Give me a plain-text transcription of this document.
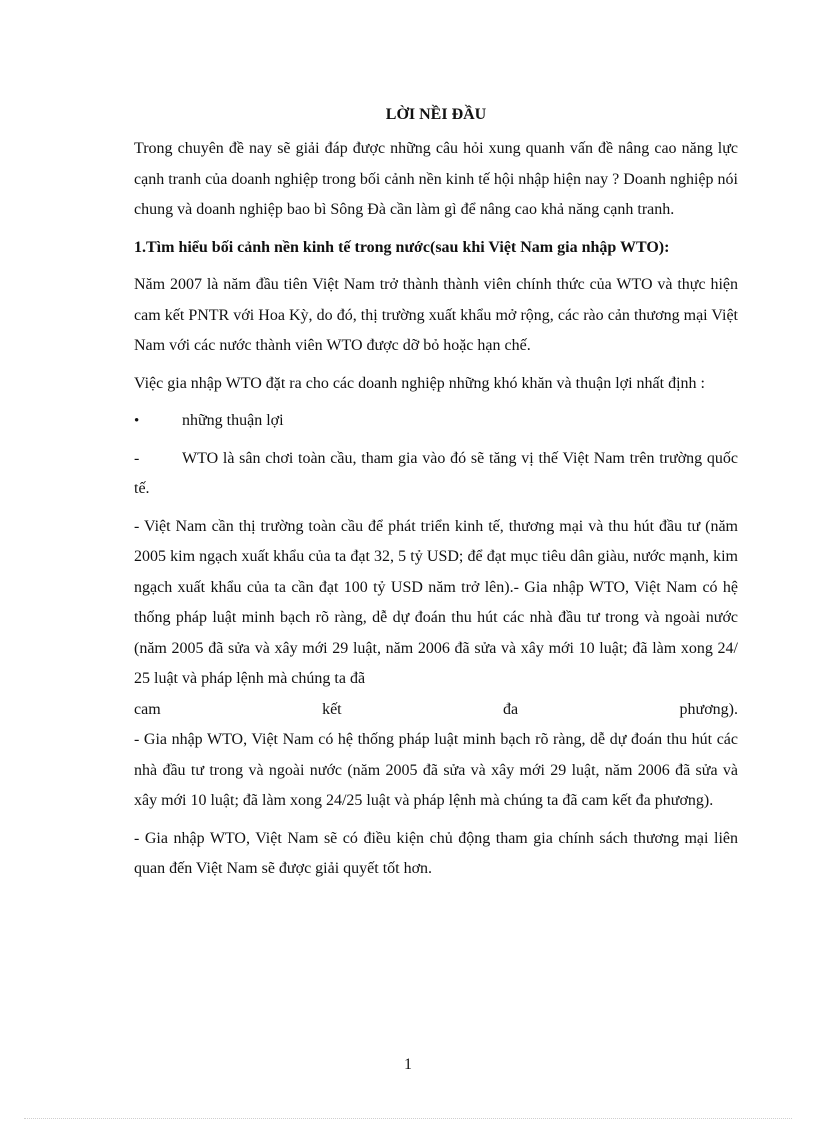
LỜI NỀI ĐẦU
Trong chuyên đề nay sẽ giải đáp được những câu hỏi xung quanh vấn đề nâng cao năng lực cạnh tranh của doanh nghiệp trong bối cảnh nền kinh tế hội nhập hiện nay ? Doanh nghiệp nói chung và doanh nghiệp bao bì Sông Đà cần làm gì để nâng cao khả năng cạnh tranh.
1.Tìm hiểu bối cảnh nền kinh tế trong nước(sau khi Việt Nam gia nhập WTO):
Năm 2007 là năm đầu tiên Việt Nam trở thành thành viên chính thức của WTO và thực hiện cam kết PNTR với Hoa Kỳ, do đó, thị trường xuất khẩu mở rộng, các rào cản thương mại Việt Nam với các nước thành viên WTO được dỡ bỏ hoặc hạn chế.
Việc gia nhập WTO đặt ra cho các doanh nghiệp những khó khăn và thuận lợi nhất định :
•	những thuận lợi
-	WTO là sân chơi toàn cầu, tham gia vào đó sẽ tăng vị thế Việt Nam trên trường quốc tế.
- Việt Nam cần thị trường toàn cầu để phát triển kinh tế, thương mại và thu hút đầu tư (năm 2005 kim ngạch xuất khẩu của ta đạt 32, 5 tỷ USD; để đạt mục tiêu dân giàu, nước mạnh, kim ngạch xuất khẩu của ta cần đạt 100 tỷ USD năm trở lên).- Gia nhập WTO, Việt Nam có hệ thống pháp luật minh bạch rõ ràng, dễ dự đoán thu hút các nhà đầu tư trong và ngoài nước (năm 2005 đã sửa và xây mới 29 luật, năm 2006 đã sửa và xây mới 10 luật; đã làm xong 24/ 25 luật và pháp lệnh mà chúng ta đã
cam	kết	đa	phương).
- Gia nhập WTO, Việt Nam có hệ thống pháp luật minh bạch rõ ràng, dễ dự đoán thu hút các nhà đầu tư trong và ngoài nước (năm 2005 đã sửa và xây mới 29 luật, năm 2006 đã sửa và xây mới 10 luật; đã làm xong 24/25 luật và pháp lệnh mà chúng ta đã cam kết đa phương).
- Gia nhập WTO, Việt Nam sẽ có điều kiện chủ động tham gia chính sách thương mại liên quan đến Việt Nam sẽ được giải quyết tốt hơn.
1
